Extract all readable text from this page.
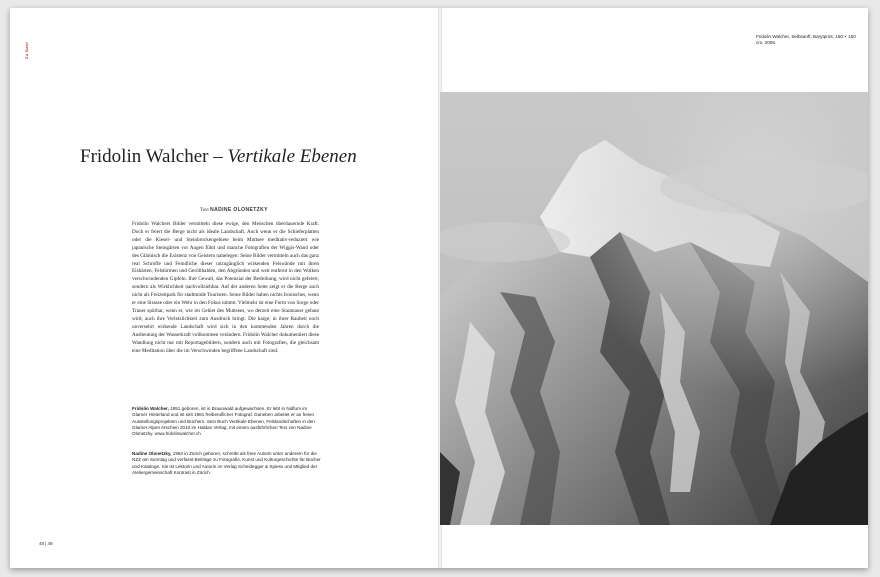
Zu Gast
Fridolin Walcher – Vertikale Ebenen
Text NADINE OLONETZKY

Fridolin Walchers Bilder vermitteln diese ewige, den Menschen überdauernde Kraft. Doch er feiert die Berge nicht als ideale Landschaft. Auch wenn er die Schieferplatten oder die Kiesel- und Steinbrockengebiete beim Muttsee meditativ-reduziert wie japanische Steingärten vor Augen führt und manche Fotografien der Wiggis-Wand oder des Glärnisch die Existenz von Geistern nahelegen: Seine Bilder vermitteln auch das ganz real Schroffe und Feindliche dieser unzugänglich wirkenden Felswände mit ihren Eisbärten, Felstürmen und Geröllhalden, den Abgründen und weit entfernt in den Wolken verschwindenden Gipfeln. Ihre Gewalt, das Potenzial der Bedrohung, wird nicht gefeiert, sondern als Wirklichkeit nachvollziehbar. Auf der anderen Seite zeigt er die Berge auch nicht als Freizeitpark für stadtmüde Touristen. Seine Bilder haben nichts Ironisches, wenn er eine Strasse oder ein Wehr in den Fokus nimmt. Vielmehr ist eine Form von Sorge oder Trauer spürbar, wenn er, wie im Gebiet des Muttsees, wo derzeit eine Staumauer gebaut wird, auch ihre Verletzlichkeit zum Ausdruck bringt. Die karge, in ihrer Rauheit noch unversehrt wirkende Landschaft wird sich in den kommenden Jahren durch die Ausbeutung der Wasserkraft vollkommen verändern. Fridolin Walcher dokumentiert diese Wandlung nicht nur mit Reportagebildern, sondern auch mit Fotografien, die gleichsam eine Meditation über die im Verschwinden begriffene Landschaft sind.

Fridolin Walcher, 1951 geboren, ist in Braunwald aufgewachsen. Er lebt in Nidfurn im Glarner Hinterland und ist seit 1981 freiberuflicher Fotograf. Daneben arbeitet er an freien Ausstellungsprojekten und Büchern. Sein Buch Vertikale Ebenen, Felslandschaften in den Glarner Alpen erschien 2010 im Haldan Verlag, mit einem ausführlichen Text von Nadine Olonetzky. www.fridolinwalcher.ch

Nadine Olonetzky, 1962 in Zürich geboren, schreibt als freie Autorin unter anderem für die NZZ am Sonntag und verfasst Beiträge zu Fotografie, Kunst und Kulturgeschichte für Bücher und Kataloge. Sie ist Lektorin und Autorin im Verlag Scheidegger & Spiess und Mitglied der Ateliergemeinschaft Kontrast in Zürich.

48 | 49

Fridolin Walcher, Selbsanft, Barytprint, 150 × 150 cm, 2006.
